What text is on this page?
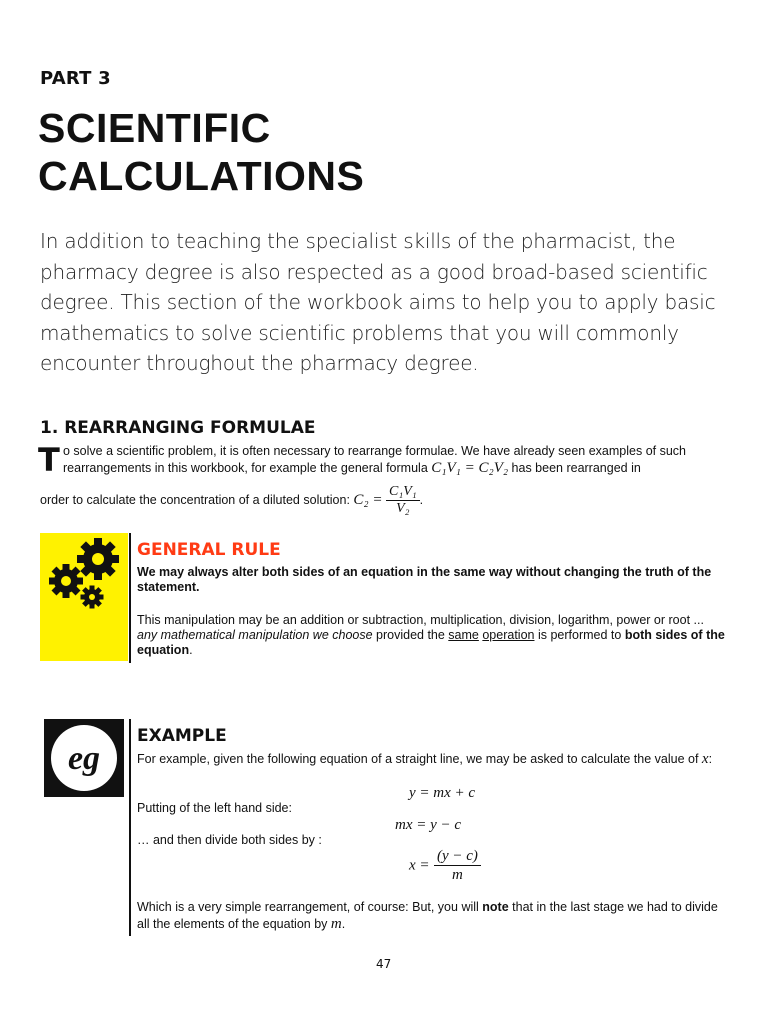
PART 3
SCIENTIFIC
CALCULATIONS
In addition to teaching the specialist skills of the pharmacist, the pharmacy degree is also respected as a good broad-based scientific degree. This section of the workbook aims to help you to apply basic mathematics to solve scientific problems that you will commonly encounter throughout the pharmacy degree.
1. REARRANGING FORMULAE
T o solve a scientific problem, it is often necessary to rearrange formulae. We have already seen examples of such rearrangements in this workbook, for example the general formula C₁V₁ = C₂V₂ has been rearranged in
order to calculate the concentration of a diluted solution: $C_2 = \frac{\text{C₁V₁}}{\text{V₂}}$ .
GENERAL RULE
We may always alter both sides of an equation in the same way without changing the truth of the statement.
This manipulation may be an addition or subtraction, multiplication, division, logarithm, power or root ... any mathematical manipulation we choose provided the same operation is performed to both sides of the equation.
eg
EXAMPLE
For example, given the following equation of a straight line, we may be asked to calculate the value of x:
y = mx + c
Putting of the left hand side:
mx = y − c
… and then divide both sides by :
$x = \frac{(y - c)}{m}$
Which is a very simple rearrangement, of course: But, you will note that in the last stage we had to divide all the elements of the equation by m.
47
